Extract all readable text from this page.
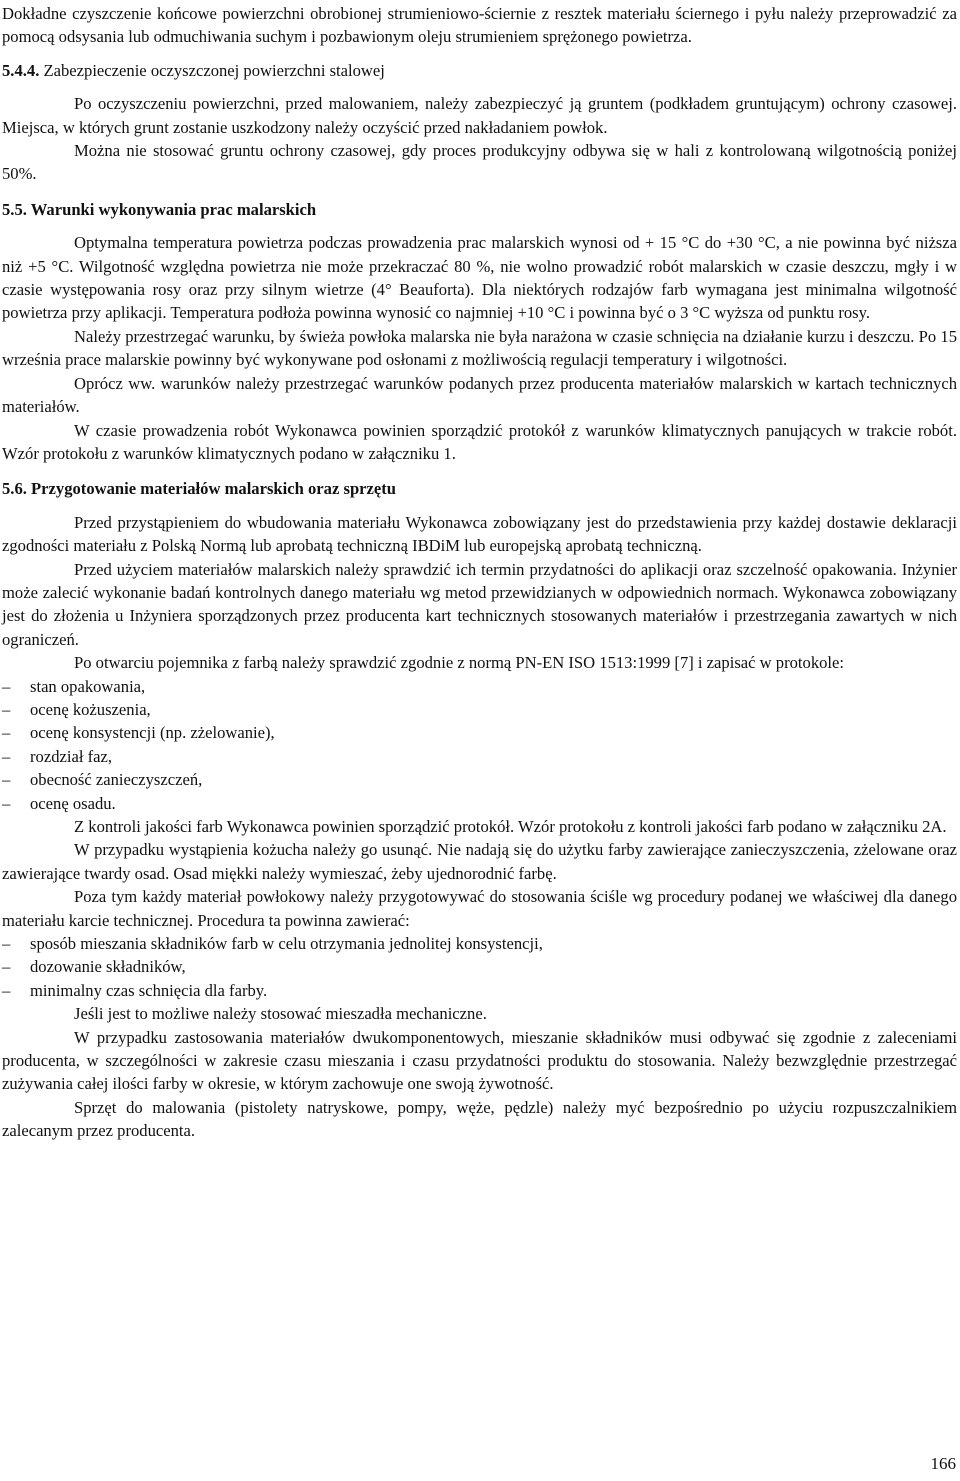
Dokładne czyszczenie końcowe powierzchni obrobionej strumieniowo-ściernie z resztek materiału ściernego i pyłu należy przeprowadzić za pomocą odsysania lub odmuchiwania suchym i pozbawionym oleju strumieniem sprężonego powietrza.

5.4.4. Zabezpieczenie oczyszczonej powierzchni stalowej

Po oczyszczeniu powierzchni, przed malowaniem, należy zabezpieczyć ją gruntem (podkładem gruntującym) ochrony czasowej. Miejsca, w których grunt zostanie uszkodzony należy oczyścić przed nakładaniem powłok.

Można nie stosować gruntu ochrony czasowej, gdy proces produkcyjny odbywa się w hali z kontrolowaną wilgotnością poniżej 50%.

5.5. Warunki wykonywania prac malarskich

Optymalna temperatura powietrza podczas prowadzenia prac malarskich wynosi od + 15 °C do +30 °C, a nie powinna być niższa niż +5 °C. Wilgotność względna powietrza nie może przekraczać 80 %, nie wolno prowadzić robót malarskich w czasie deszczu, mgły i w czasie występowania rosy oraz przy silnym wietrze (4° Beauforta). Dla niektórych rodzajów farb wymagana jest minimalna wilgotność powietrza przy aplikacji. Temperatura podłoża powinna wynosić co najmniej +10 °C i powinna być o 3 °C wyższa od punktu rosy.

Należy przestrzegać warunku, by świeża powłoka malarska nie była narażona w czasie schnięcia na działanie kurzu i deszczu. Po 15 września prace malarskie powinny być wykonywane pod osłonami z możliwością regulacji temperatury i wilgotności.

Oprócz ww. warunków należy przestrzegać warunków podanych przez producenta materiałów malarskich w kartach technicznych materiałów.

W czasie prowadzenia robót Wykonawca powinien sporządzić protokół z warunków klimatycznych panujących w trakcie robót. Wzór protokołu z warunków klimatycznych podano w załączniku 1.

5.6. Przygotowanie materiałów malarskich oraz sprzętu

Przed przystąpieniem do wbudowania materiału Wykonawca zobowiązany jest do przedstawienia przy każdej dostawie deklaracji zgodności materiału z Polską Normą lub aprobatą techniczną IBDiM lub europejską aprobatą techniczną.

Przed użyciem materiałów malarskich należy sprawdzić ich termin przydatności do aplikacji oraz szczelność opakowania. Inżynier może zalecić wykonanie badań kontrolnych danego materiału wg metod przewidzianych w odpowiednich normach. Wykonawca zobowiązany jest do złożenia u Inżyniera sporządzonych przez producenta kart technicznych stosowanych materiałów i przestrzegania zawartych w nich ograniczeń.

Po otwarciu pojemnika z farbą należy sprawdzić zgodnie z normą PN-EN ISO 1513:1999 [7] i zapisać w protokole:

– stan opakowania,
– ocenę kożuszenia,
– ocenę konsystencji (np. zżelowanie),
– rozdział faz,
– obecność zanieczyszczeń,
– ocenę osadu.

Z kontroli jakości farb Wykonawca powinien sporządzić protokół. Wzór protokołu z kontroli jakości farb podano w załączniku 2A.

W przypadku wystąpienia kożucha należy go usunąć. Nie nadają się do użytku farby zawierające zanieczyszczenia, zżelowane oraz zawierające twardy osad. Osad miękki należy wymieszać, żeby ujednorodnić farbę.

Poza tym każdy materiał powłokowy należy przygotowywać do stosowania ściśle wg procedury podanej we właściwej dla danego materiału karcie technicznej. Procedura ta powinna zawierać:

– sposób mieszania składników farb w celu otrzymania jednolitej konsystencji,
– dozowanie składników,
– minimalny czas schnięcia dla farby.

Jeśli jest to możliwe należy stosować mieszadła mechaniczne.

W przypadku zastosowania materiałów dwukomponentowych, mieszanie składników musi odbywać się zgodnie z zaleceniami producenta, w szczególności w zakresie czasu mieszania i czasu przydatności produktu do stosowania. Należy bezwzględnie przestrzegać zużywania całej ilości farby w okresie, w którym zachowuje one swoją żywotność.

Sprzęt do malowania (pistolety natryskowe, pompy, węże, pędzle) należy myć bezpośrednio po użyciu rozpuszczalnikiem zalecanym przez producenta.

166
